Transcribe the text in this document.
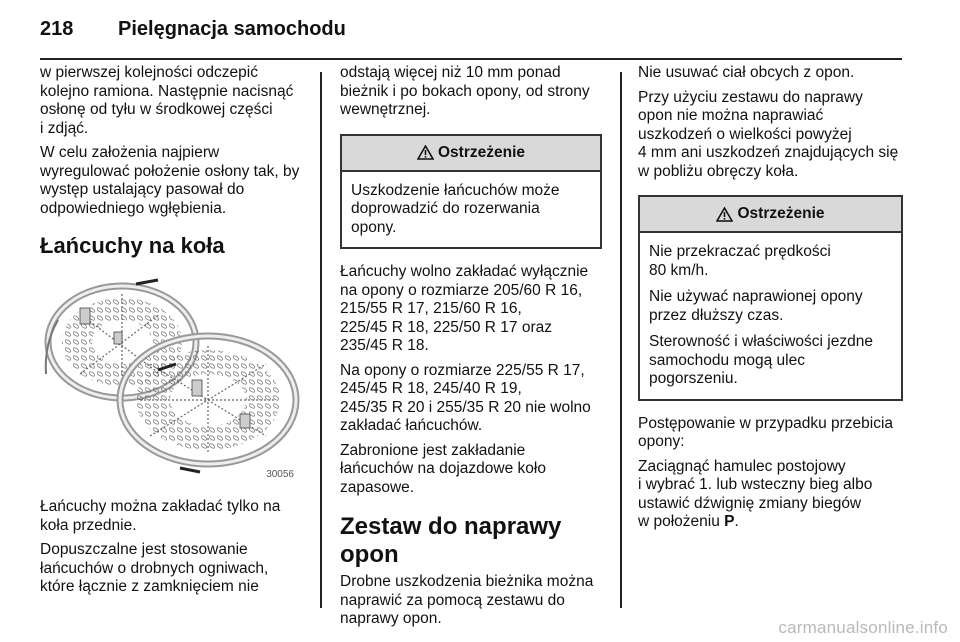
218	Pielęgnacja samochodu

w pierwszej kolejności odczepić
kolejno ramiona. Następnie nacisnąć
osłonę od tyłu w środkowej części
i zdjąć.

W celu założenia najpierw
wyregulować położenie osłony tak, by
występ ustalający pasował do
odpowiedniego wgłębienia.

Łańcuchy na koła
30056

Łańcuchy można zakładać tylko na
koła przednie.

Dopuszczalne jest stosowanie
łańcuchów o drobnych ogniwach,
które łącznie z zamknięciem nie

odstają więcej niż 10 mm ponad
bieżnik i po bokach opony, od strony
wewnętrznej.

Ostrzeżenie

Uszkodzenie łańcuchów może
doprowadzić do rozerwania
opony.

Łańcuchy wolno zakładać wyłącznie
na opony o rozmiarze 205/60 R 16,
215/55 R 17, 215/60 R 16,
225/45 R 18, 225/50 R 17 oraz
235/45 R 18.

Na opony o rozmiarze 225/55 R 17,
245/45 R 18, 245/40 R 19,
245/35 R 20 i 255/35 R 20 nie wolno
zakładać łańcuchów.

Zabronione jest zakładanie
łańcuchów na dojazdowe koło
zapasowe.

Zestaw do naprawy opon

Drobne uszkodzenia bieżnika można
naprawić za pomocą zestawu do
naprawy opon.

Nie usuwać ciał obcych z opon.

Przy użyciu zestawu do naprawy
opon nie można naprawiać
uszkodzeń o wielkości powyżej
4 mm ani uszkodzeń znajdujących się
w pobliżu obręczy koła.

Ostrzeżenie

Nie przekraczać prędkości
80 km/h.

Nie używać naprawionej opony
przez dłuższy czas.

Sterowność i właściwości jezdne
samochodu mogą ulec
pogorszeniu.

Postępowanie w przypadku przebicia
opony:

Zaciągnąć hamulec postojowy
i wybrać 1. lub wsteczny bieg albo
ustawić dźwignię zmiany biegów
w położeniu P.

carmanualsonline.info
